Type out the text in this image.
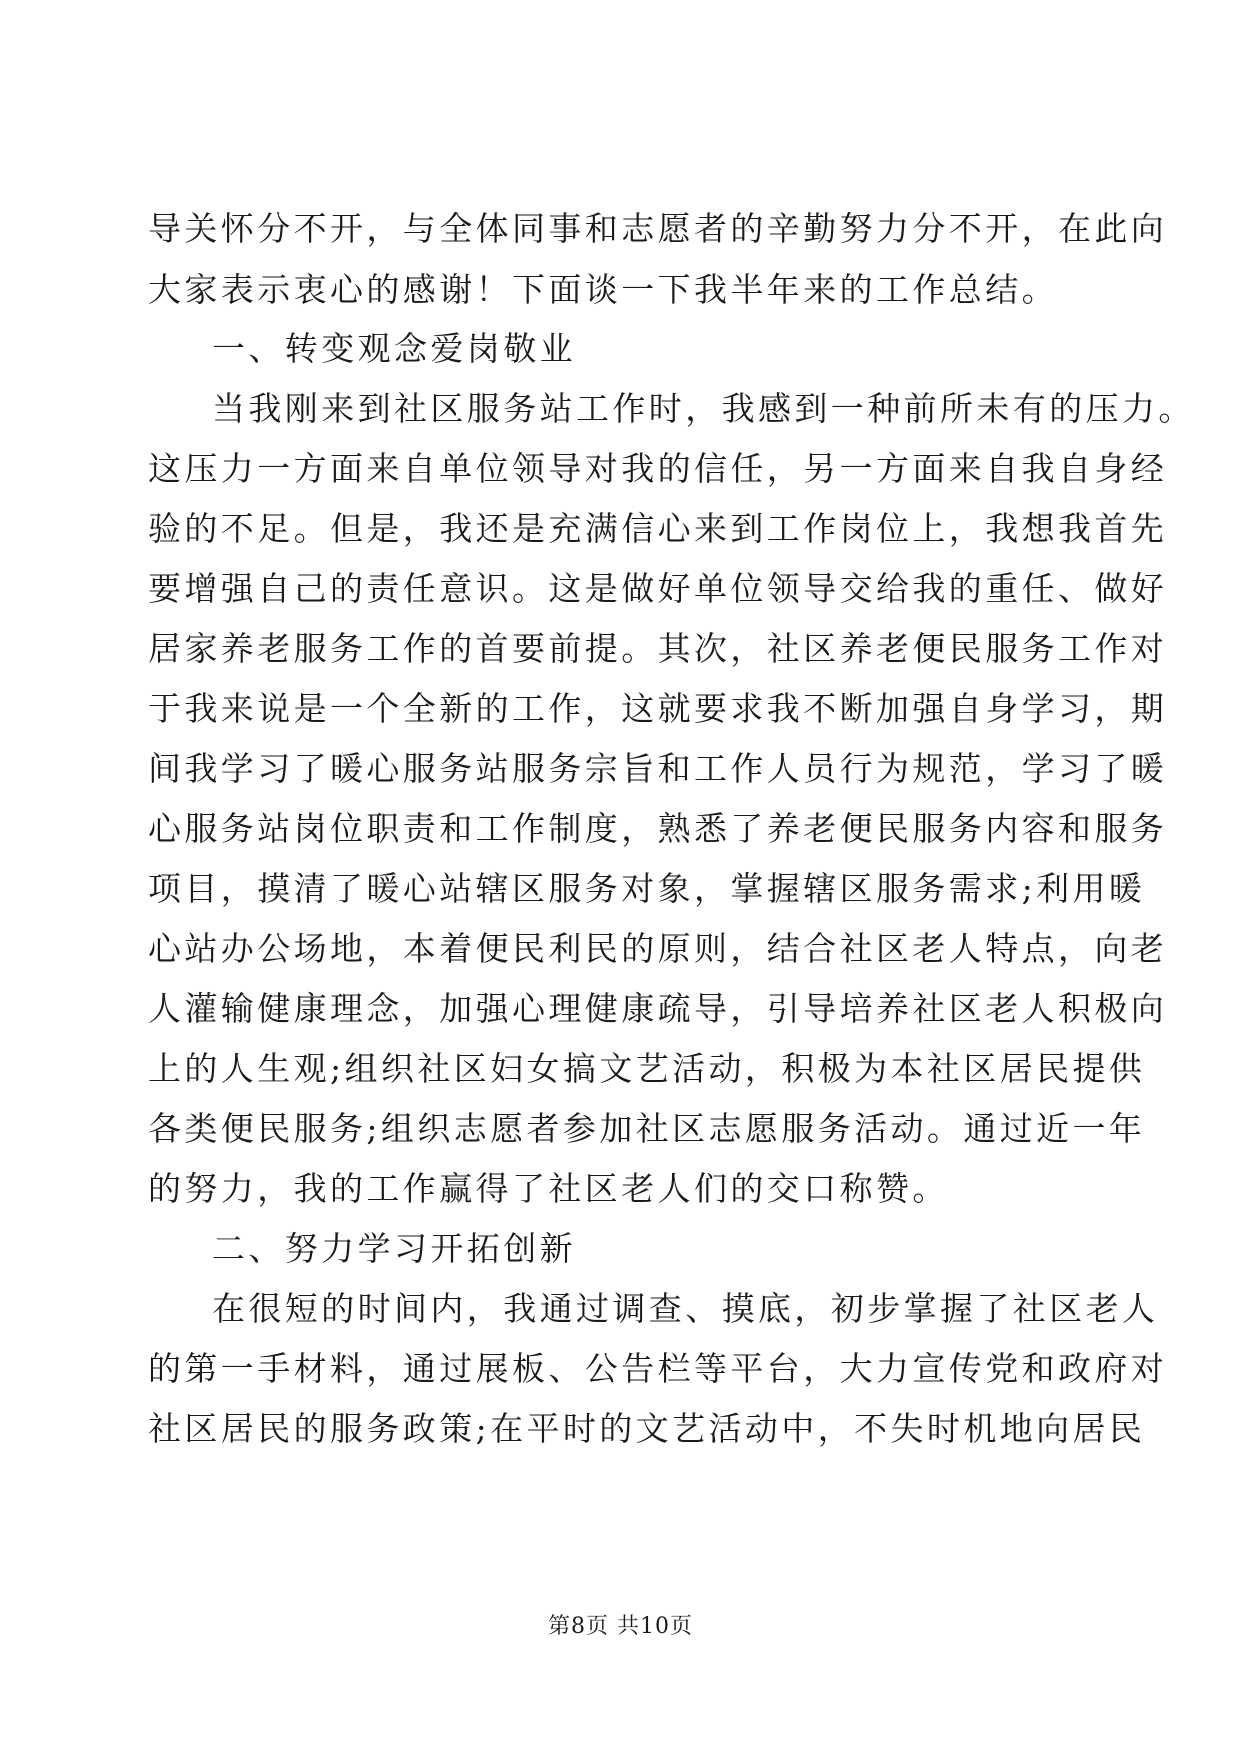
导关怀分不开，与全体同事和志愿者的辛勤努力分不开，在此向
大家表示衷心的感谢！下面谈一下我半年来的工作总结。
一、转变观念爱岗敬业
当我刚来到社区服务站工作时，我感到一种前所未有的压力。
这压力一方面来自单位领导对我的信任，另一方面来自我自身经
验的不足。但是，我还是充满信心来到工作岗位上，我想我首先
要增强自己的责任意识。这是做好单位领导交给我的重任、做好
居家养老服务工作的首要前提。其次，社区养老便民服务工作对
于我来说是一个全新的工作，这就要求我不断加强自身学习，期
间我学习了暖心服务站服务宗旨和工作人员行为规范，学习了暖
心服务站岗位职责和工作制度，熟悉了养老便民服务内容和服务
项目，摸清了暖心站辖区服务对象，掌握辖区服务需求;利用暖
心站办公场地，本着便民利民的原则，结合社区老人特点，向老
人灌输健康理念，加强心理健康疏导，引导培养社区老人积极向
上的人生观;组织社区妇女搞文艺活动，积极为本社区居民提供
各类便民服务;组织志愿者参加社区志愿服务活动。通过近一年
的努力，我的工作赢得了社区老人们的交口称赞。
二、努力学习开拓创新
在很短的时间内，我通过调查、摸底，初步掌握了社区老人
的第一手材料，通过展板、公告栏等平台，大力宣传党和政府对
社区居民的服务政策;在平时的文艺活动中，不失时机地向居民
第8页 共10页
